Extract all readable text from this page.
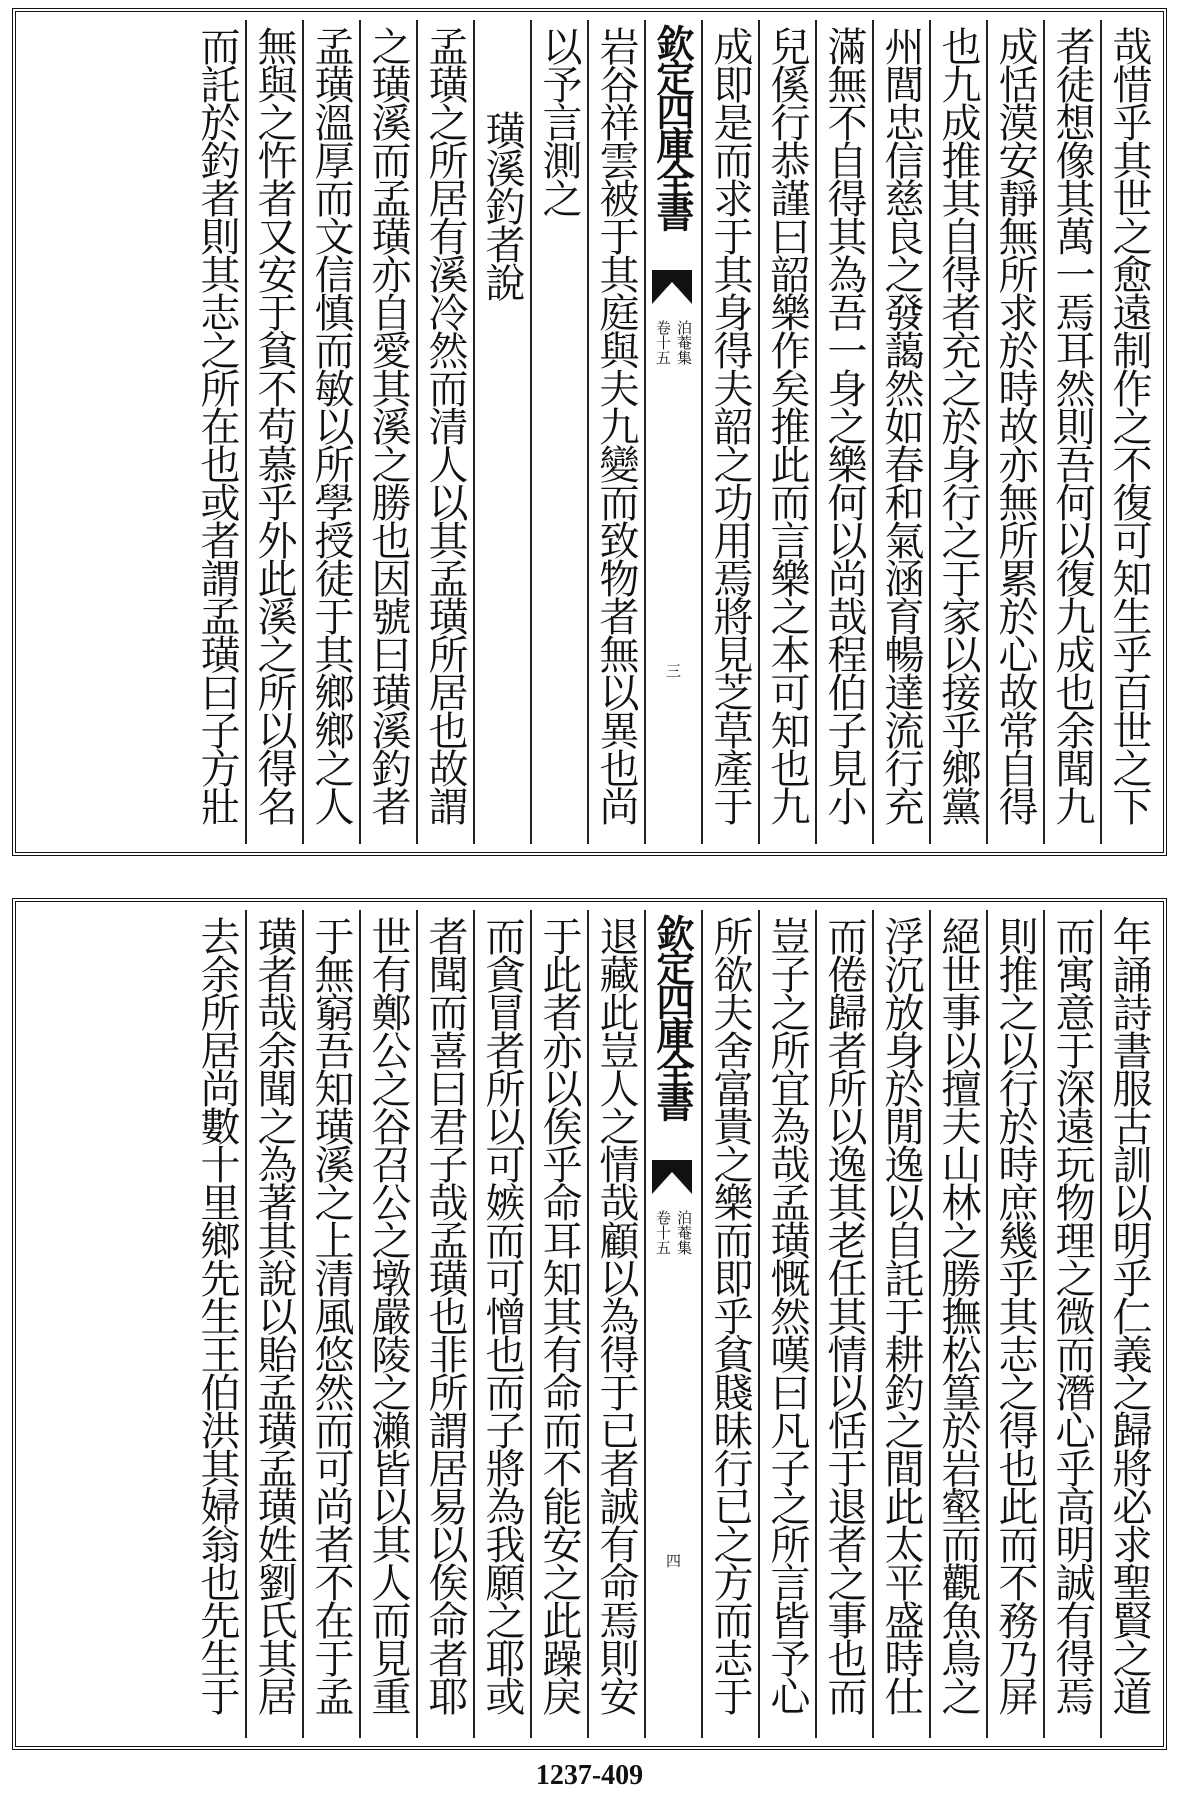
哉惜乎其世之愈遠制作之不復可知生乎百世之下
者徒想像其萬一焉耳然則吾何以復九成也余聞九
成恬漠安靜無所求於時故亦無所累於心故常自得
也九成推其自得者充之於身行之于家以接乎鄉黨
州閭忠信慈良之發藹然如春和氣涵育暢達流行充
滿無不自得其為吾一身之樂何以尚哉程伯子見小
兒傒行恭謹曰韶樂作矣推此而言樂之本可知也九
成即是而求于其身得夫韶之功用焉將見芝草產于
欽定四庫全書
泊菴集
卷十五
三
岩谷祥雲被于其庭與夫九變而致物者無以異也尚
以予言測之
璜溪釣者說
孟璜之所居有溪冷然而清人以其孟璜所居也故謂
之璜溪而孟璜亦自愛其溪之勝也因號曰璜溪釣者
孟璜溫厚而文信慎而敏以所學授徒于其鄉鄉之人
無與之忤者又安于貧不苟慕乎外此溪之所以得名
而託於釣者則其志之所在也或者謂孟璜曰子方壯
年誦詩書服古訓以明乎仁義之歸將必求聖賢之道
而寓意于深遠玩物理之微而潛心乎高明誠有得焉
則推之以行於時庶幾乎其志之得也此而不務乃屏
絕世事以擅夫山林之勝撫松篁於岩壑而觀魚鳥之
浮沉放身於閒逸以自託于耕釣之間此太平盛時仕
而倦歸者所以逸其老任其情以恬于退者之事也而
豈子之所宜為哉孟璜慨然嘆曰凡子之所言皆予心
所欲夫舍富貴之樂而即乎貧賤昧行已之方而志于
欽定四庫全書
泊菴集
卷十五
四
退藏此豈人之情哉顧以為得于已者誠有命焉則安
于此者亦以俟乎命耳知其有命而不能安之此躁戾
而貪冒者所以可嫉而可憎也而子將為我願之耶或
者聞而喜曰君子哉孟璜也非所謂居易以俟命者耶
世有鄭公之谷召公之墩嚴陵之瀨皆以其人而見重
于無窮吾知璜溪之上清風悠然而可尚者不在于孟
璜者哉余聞之為著其說以貽孟璜孟璜姓劉氏其居
去余所居尚數十里鄉先生王伯洪其婦翁也先生于
1237-409
